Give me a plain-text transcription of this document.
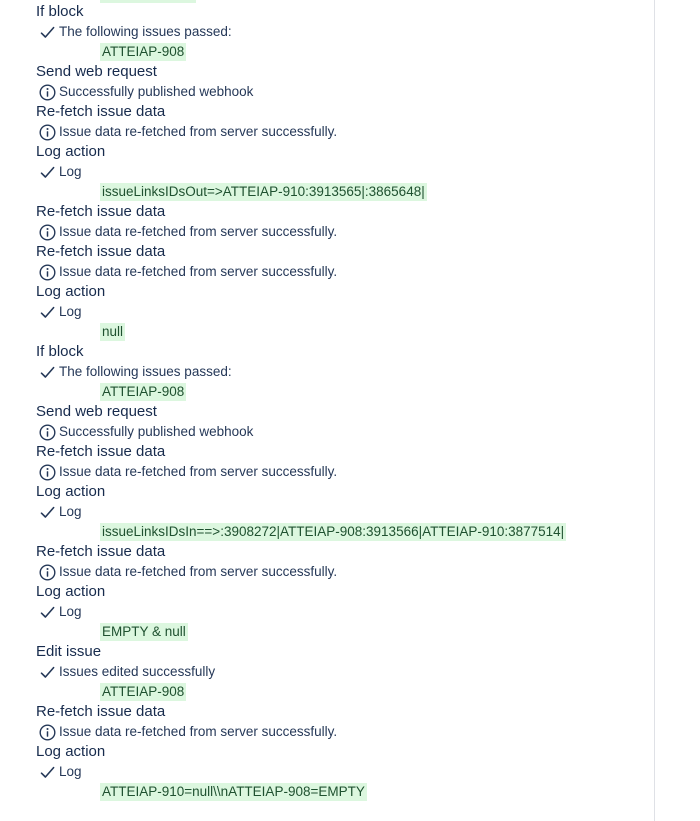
If block
The following issues passed:
ATTEIAP-908
Send web request
Successfully published webhook
Re-fetch issue data
Issue data re-fetched from server successfully.
Log action
Log
issueLinksIDsOut=>ATTEIAP-910:3913565|:3865648|
Re-fetch issue data
Issue data re-fetched from server successfully.
Re-fetch issue data
Issue data re-fetched from server successfully.
Log action
Log
null
If block
The following issues passed:
ATTEIAP-908
Send web request
Successfully published webhook
Re-fetch issue data
Issue data re-fetched from server successfully.
Log action
Log
issueLinksIDsIn==>:3908272|ATTEIAP-908:3913566|ATTEIAP-910:3877514|
Re-fetch issue data
Issue data re-fetched from server successfully.
Log action
Log
EMPTY & null
Edit issue
Issues edited successfully
ATTEIAP-908
Re-fetch issue data
Issue data re-fetched from server successfully.
Log action
Log
ATTEIAP-910=null\\nATTEIAP-908=EMPTY
